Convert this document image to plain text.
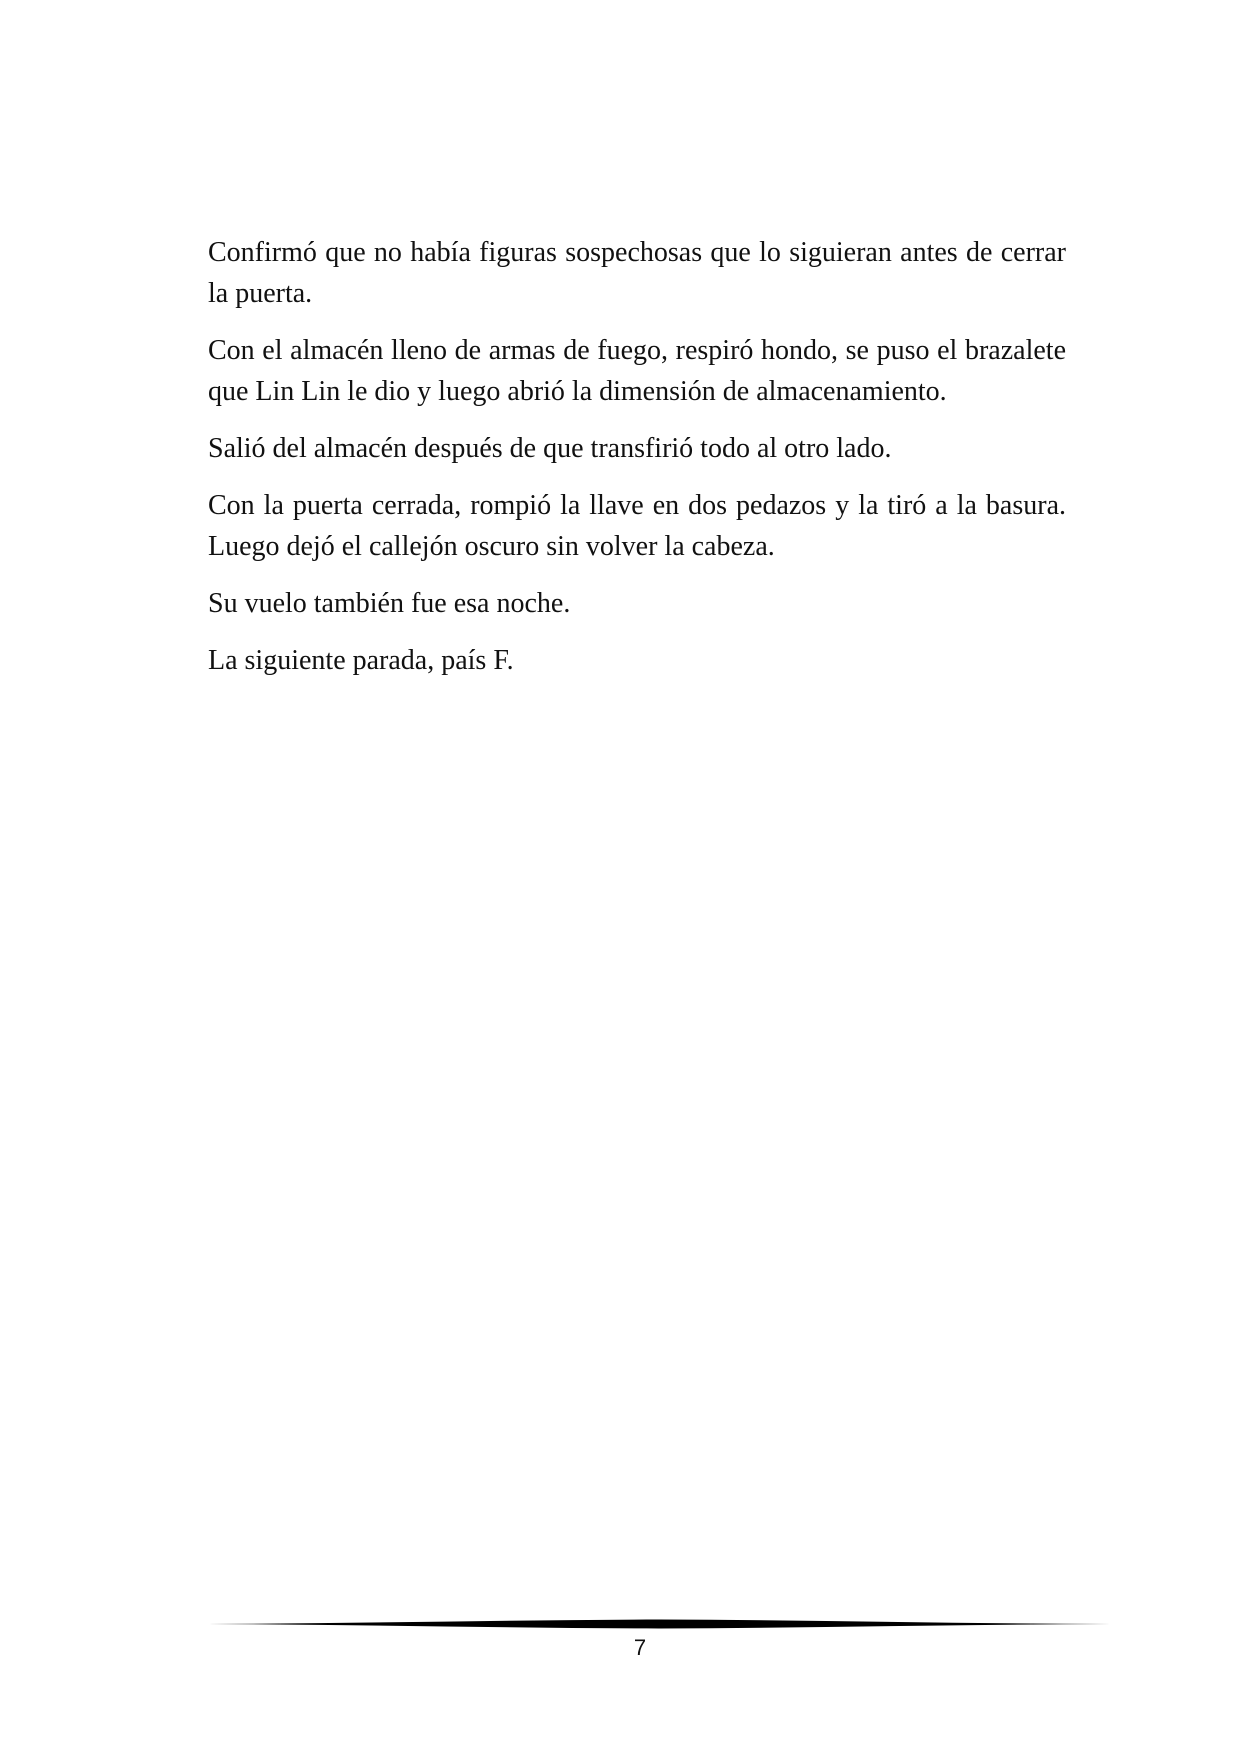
Confirmó que no había figuras sospechosas que lo siguieran antes de cerrar la puerta.

Con el almacén lleno de armas de fuego, respiró hondo, se puso el brazalete que Lin Lin le dio y luego abrió la dimensión de almacenamiento.

Salió del almacén después de que transfirió todo al otro lado.

Con la puerta cerrada, rompió la llave en dos pedazos y la tiró a la basura. Luego dejó el callejón oscuro sin volver la cabeza.

Su vuelo también fue esa noche.

La siguiente parada, país F.

7
